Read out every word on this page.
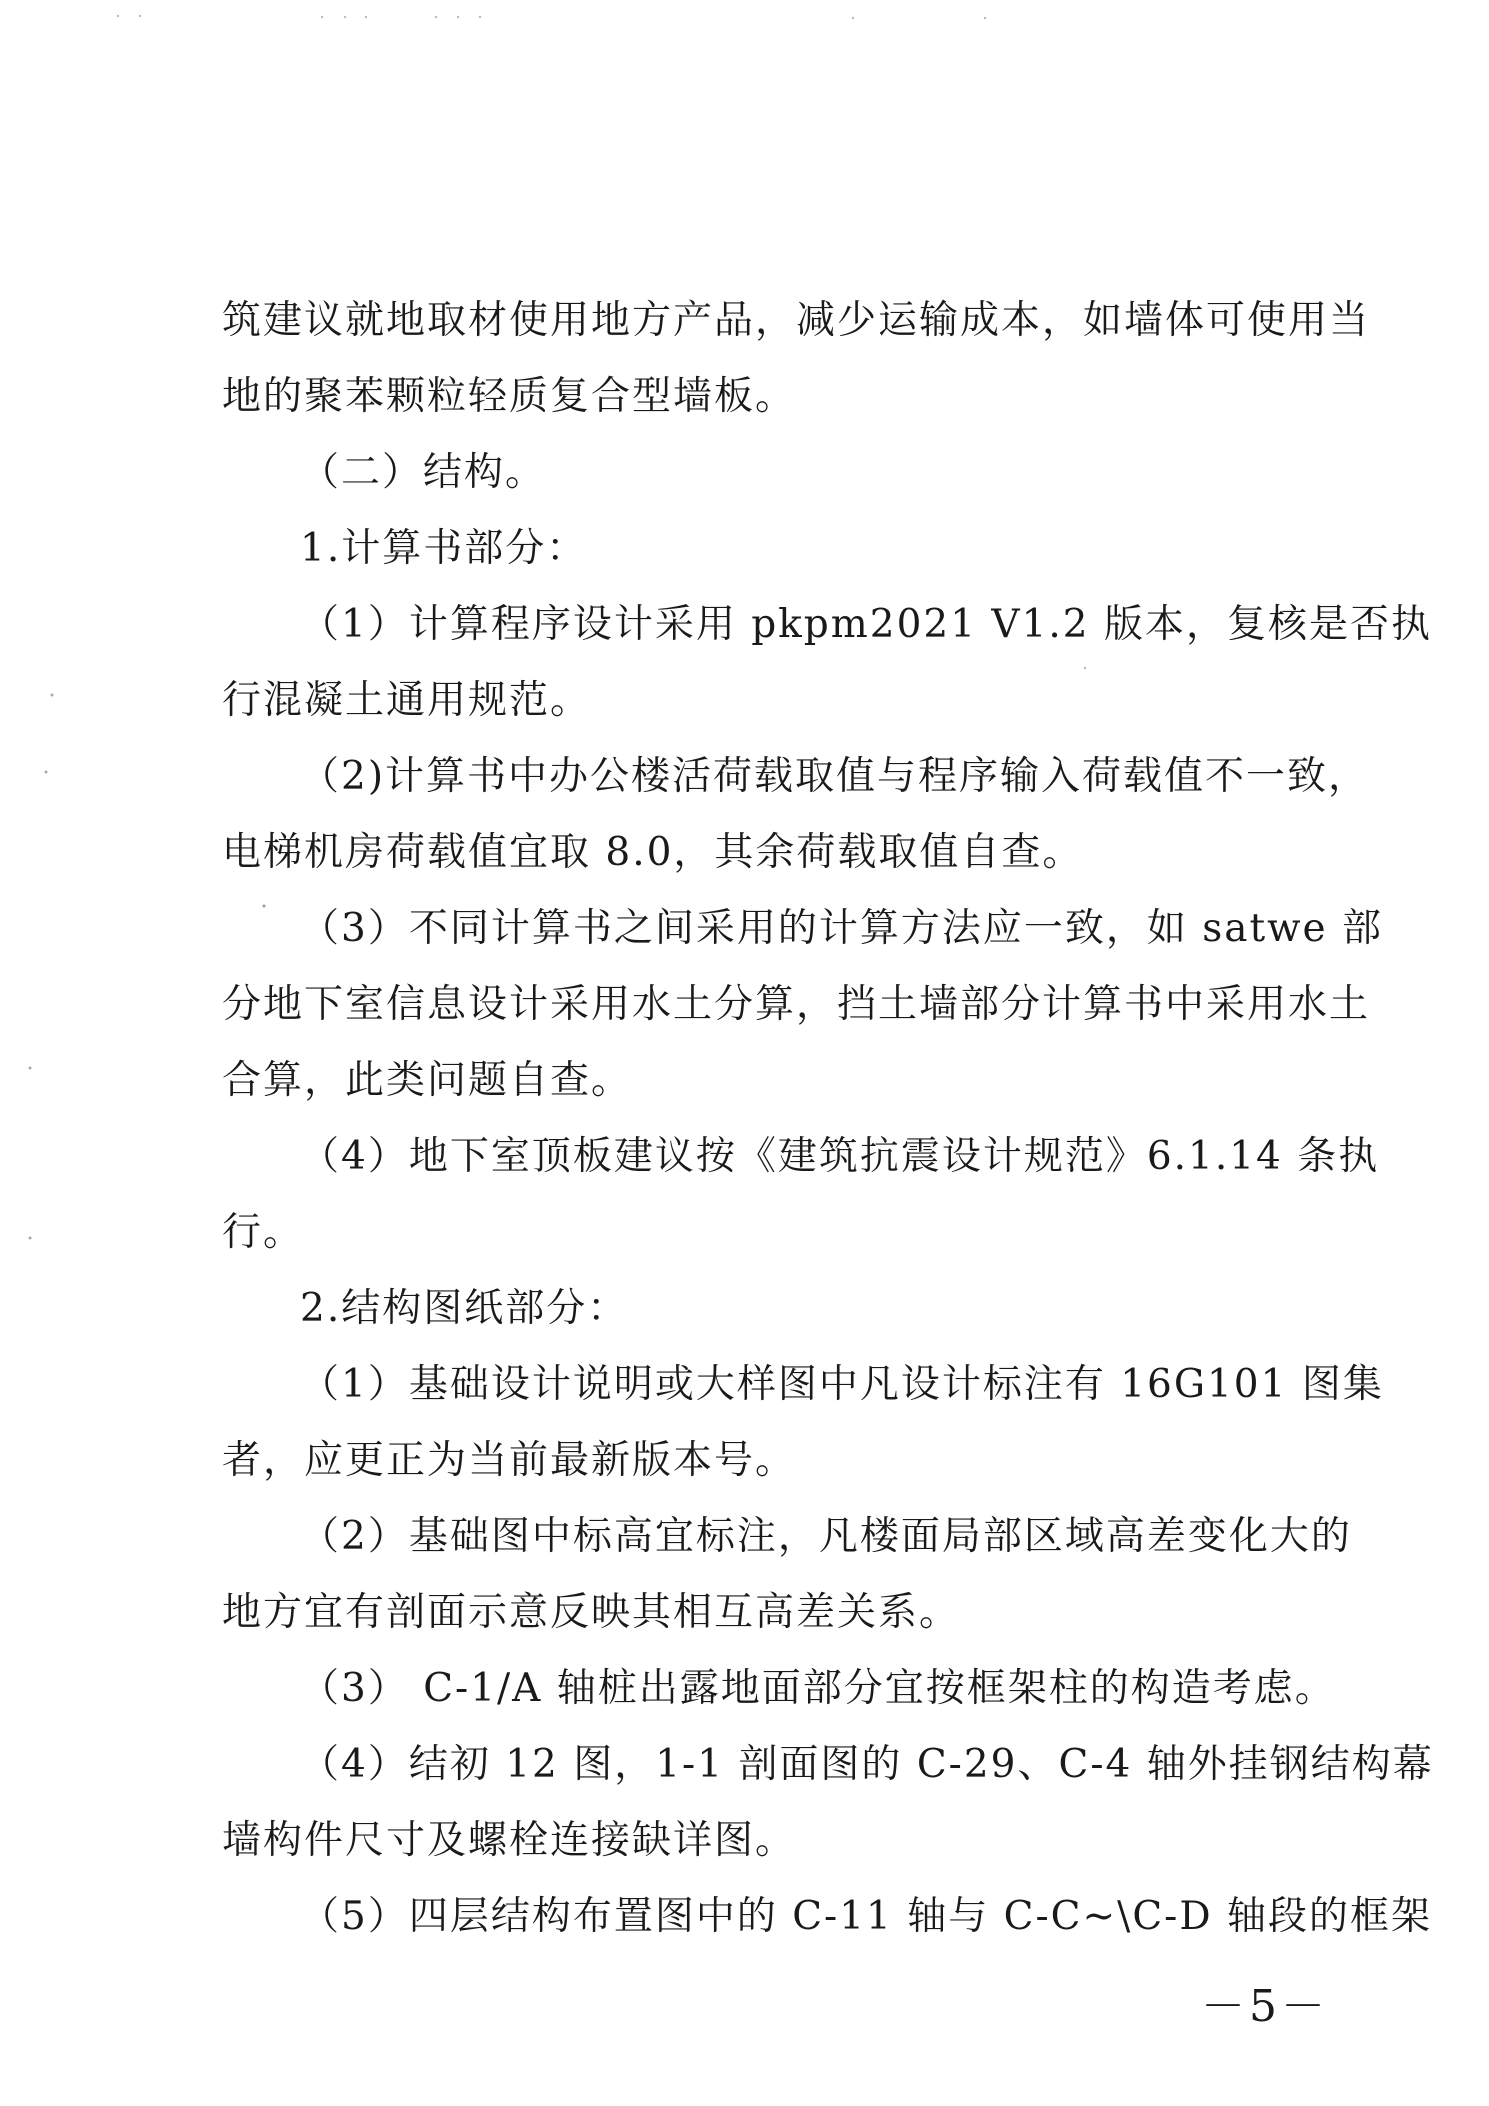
筑建议就地取材使用地方产品，减少运输成本，如墙体可使用当
地的聚苯颗粒轻质复合型墙板。
（二）结构。
1.计算书部分：
（1）计算程序设计采用 pkpm2021 V1.2 版本，复核是否执
行混凝土通用规范。
（2)计算书中办公楼活荷载取值与程序输入荷载值不一致，
电梯机房荷载值宜取 8.0，其余荷载取值自查。
（3）不同计算书之间采用的计算方法应一致，如 satwe 部
分地下室信息设计采用水土分算，挡土墙部分计算书中采用水土
合算，此类问题自查。
（4）地下室顶板建议按《建筑抗震设计规范》6.1.14 条执
行。
2.结构图纸部分：
（1）基础设计说明或大样图中凡设计标注有 16G101 图集
者，应更正为当前最新版本号。
（2）基础图中标高宜标注，凡楼面局部区域高差变化大的
地方宜有剖面示意反映其相互高差关系。
（3） C-1/A 轴桩出露地面部分宜按框架柱的构造考虑。
（4）结初 12 图，1-1 剖面图的 C-29、C-4 轴外挂钢结构幕
墙构件尺寸及螺栓连接缺详图。
（5）四层结构布置图中的 C-11 轴与 C-C~\C-D 轴段的框架
－5－
